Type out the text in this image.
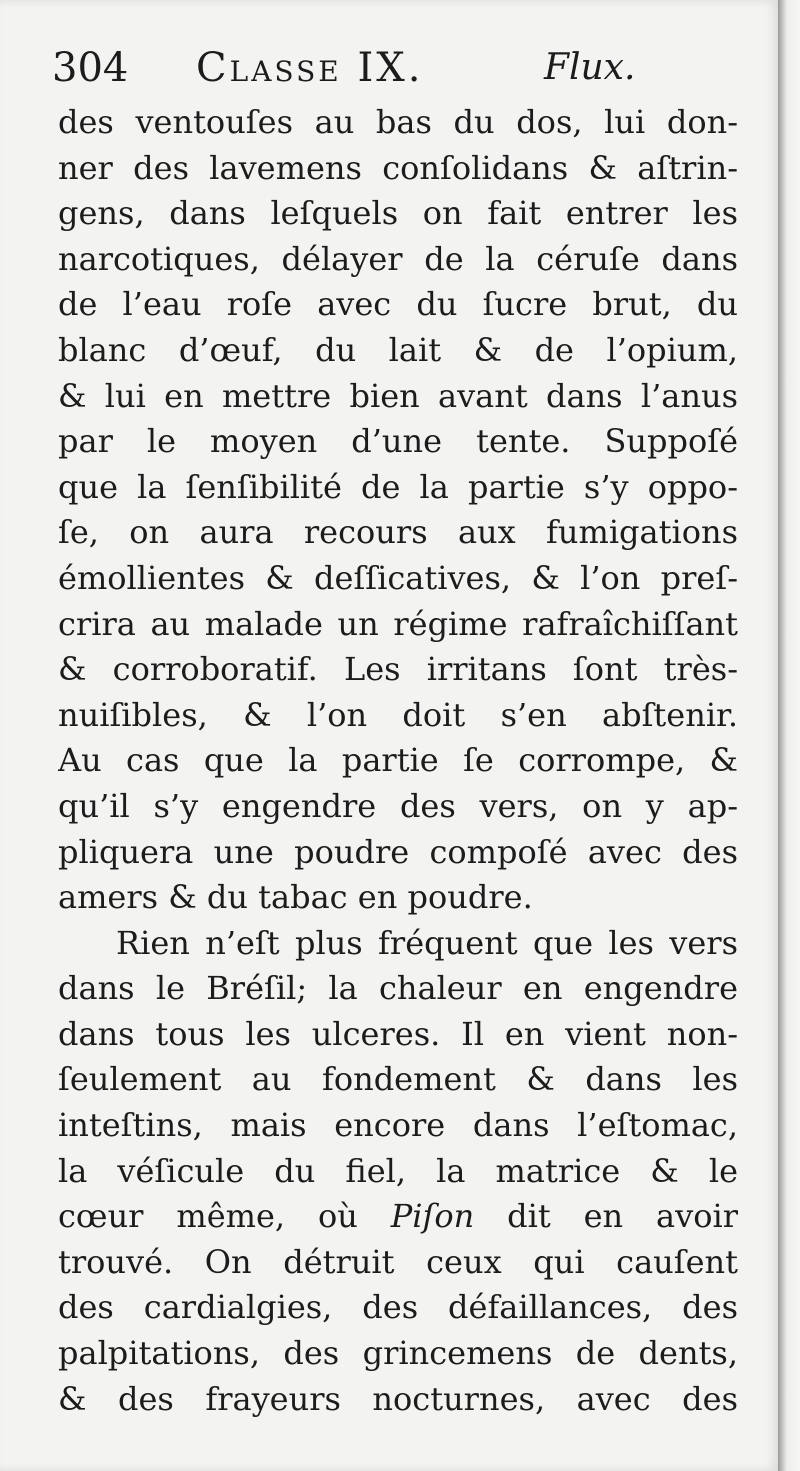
304 Classe IX.	Flux.
des ventouſes au bas du dos, lui don-
ner des lavemens conſolidans & aſtrin-
gens, dans leſquels on fait entrer les
narcotiques, délayer de la céruſe dans
de l’eau roſe avec du ſucre brut, du
blanc d’œuf, du lait & de l’opium,
& lui en mettre bien avant dans l’anus
par le moyen d’une tente. Suppoſé
que la ſenſibilité de la partie s’y oppo-
ſe, on aura recours aux fumigations
émollientes & deſſicatives, & l’on preſ-
crira au malade un régime rafraîchiſſant
& corroboratif. Les irritans ſont très-
nuiſibles, & l’on doit s’en abſtenir.
Au cas que la partie ſe corrompe, &
qu’il s’y engendre des vers, on y ap-
pliquera une poudre compoſé avec des
amers & du tabac en poudre.
Rien n’eſt plus fréquent que les vers
dans le Bréſil; la chaleur en engendre
dans tous les ulceres. Il en vient non-
ſeulement au fondement & dans les
inteſtins, mais encore dans l’eſtomac,
la véſicule du fiel, la matrice & le
cœur même, où Piſon dit en avoir
trouvé. On détruit ceux qui cauſent
des cardialgies, des défaillances, des
palpitations, des grincemens de dents,
& des frayeurs nocturnes, avec des
